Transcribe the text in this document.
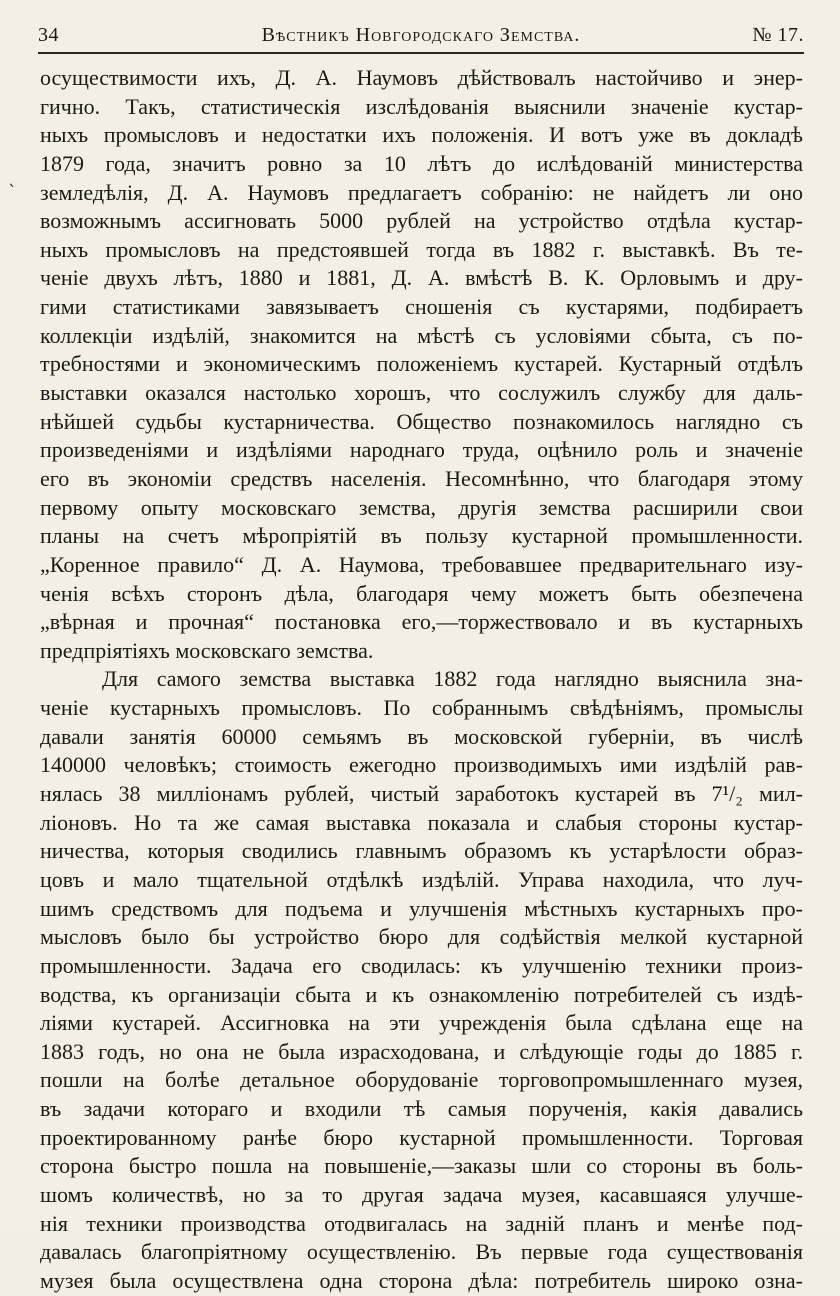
34	Вѣстникъ Новгородскаго Земства.	№ 17.
`
осуществимости ихъ, Д. А. Наумовъ дѣйствовалъ настойчиво и энер-
гично. Такъ, статистическія изслѣдованія выяснили значеніе кустар-
ныхъ промысловъ и недостатки ихъ положенія. И вотъ уже въ докладѣ
1879 года, значитъ ровно за 10 лѣтъ до ислѣдованій министерства
земледѣлія, Д. А. Наумовъ предлагаетъ собранію: не найдетъ ли оно
возможнымъ ассигновать 5000 рублей на устройство отдѣла кустар-
ныхъ промысловъ на предстоявшей тогда въ 1882 г. выставкѣ. Въ те-
ченіе двухъ лѣтъ, 1880 и 1881, Д. А. вмѣстѣ В. К. Орловымъ и дру-
гими статистиками завязываетъ сношенія съ кустарями, подбираетъ
коллекціи издѣлій, знакомится на мѣстѣ съ условіями сбыта, съ по-
требностями и экономическимъ положеніемъ кустарей. Кустарный отдѣлъ
выставки оказался настолько хорошъ, что сослужилъ службу для даль-
нѣйшей судьбы кустарничества. Общество познакомилось наглядно съ
произведеніями и издѣліями народнаго труда, оцѣнило роль и значеніе
его въ экономіи средствъ населенія. Несомнѣнно, что благодаря этому
первому опыту московскаго земства, другія земства расширили свои
планы на счетъ мѣропріятій въ пользу кустарной промышленности.
„Коренное правило“ Д. А. Наумова, требовавшее предварительнаго изу-
ченія всѣхъ сторонъ дѣла, благодаря чему можетъ быть обезпечена
„вѣрная и прочная“ постановка его,—торжествовало и въ кустарныхъ
предпріятіяхъ московскаго земства.
Для самого земства выставка 1882 года наглядно выяснила зна-
ченіе кустарныхъ промысловъ. По собраннымъ свѣдѣніямъ, промыслы
давали занятія 60000 семьямъ въ московской губерніи, въ числѣ
140000 человѣкъ; стоимость ежегодно производимыхъ ими издѣлій рав-
нялась 38 милліонамъ рублей, чистый заработокъ кустарей въ 7¹/₂ мил-
ліоновъ. Но та же самая выставка показала и слабыя стороны кустар-
ничества, которыя сводились главнымъ образомъ къ устарѣлости образ-
цовъ и мало тщательной отдѣлкѣ издѣлій. Управа находила, что луч-
шимъ средствомъ для подъема и улучшенія мѣстныхъ кустарныхъ про-
мысловъ было бы устройство бюро для содѣйствія мелкой кустарной
промышленности. Задача его сводилась: къ улучшенію техники произ-
водства, къ организаціи сбыта и къ ознакомленію потребителей съ издѣ-
ліями кустарей. Ассигновка на эти учрежденія была сдѣлана еще на
1883 годъ, но она не была израсходована, и слѣдующіе годы до 1885 г.
пошли на болѣе детальное оборудованіе торговопромышленнаго музея,
въ задачи котораго и входили тѣ самыя порученія, какія давались
проектированному ранѣе бюро кустарной промышленности. Торговая
сторона быстро пошла на повышеніе,—заказы шли со стороны въ боль-
шомъ количествѣ, но за то другая задача музея, касавшаяся улучше-
нія техники производства отодвигалась на задній планъ и менѣе под-
давалась благопріятному осуществленію. Въ первые года существованія
музея была осуществлена одна сторона дѣла: потребитель широко озна-
